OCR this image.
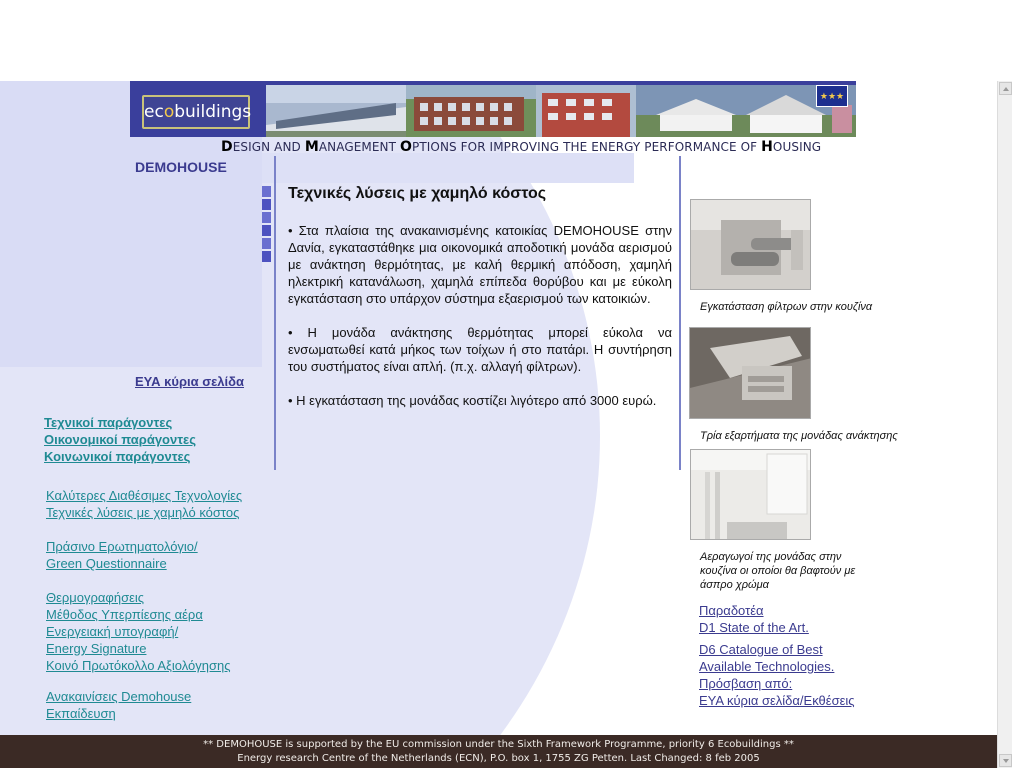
ecobuildings
★★★
DESIGN AND MANAGEMENT OPTIONS FOR IMPROVING THE ENERGY PERFORMANCE OF HOUSING
DEMOHOUSE
ΕΥΑ κύρια σελίδα
Τεχνικοί παράγοντες
Οικονομικοί παράγοντες
Κοινωνικοί παράγοντες
Καλύτερες Διαθέσιμες Τεχνολογίες
Τεχνικές λύσεις με χαμηλό κόστος
Πράσινο Ερωτηματολόγιο/
Green Questionnaire
Θερμογραφήσεις
Μέθοδος Υπερπίεσης αέρα
Ενεργειακή υπογραφή/
Energy Signature
Κοινό Πρωτόκολλο Αξιολόγησης
Ανακαινίσεις Demohouse
Εκπαίδευση
Τεχνικές λύσεις με χαμηλό κόστος

• Στα πλαίσια της ανακαινισμένης κατοικίας DEMOHOUSE στην Δανία, εγκαταστάθηκε μια οικονομικά αποδοτική μονάδα αερισμού με ανάκτηση θερμότητας, με καλή θερμική απόδοση, χαμηλή ηλεκτρική κατανάλωση, χαμηλά επίπεδα θορύβου και με εύκολη εγκατάσταση στο υπάρχον σύστημα εξαερισμού των κατοικιών.

• Η μονάδα ανάκτησης θερμότητας μπορεί εύκολα να ενσωματωθεί κατά μήκος των τοίχων ή στο πατάρι. Η συντήρηση του συστήματος είναι απλή. (π.χ. αλλαγή φίλτρων).

• Η εγκατάσταση της μονάδας κοστίζει λιγότερο από 3000 ευρώ.

Εγκατάσταση φίλτρων στην κουζίνα
Τρία εξαρτήματα της μονάδας ανάκτησης
Αεραγωγοί της μονάδας στην κουζίνα οι οποίοι θα βαφτούν με άσπρο χρώμα
Παραδοτέα
D1 State of the Art.
D6 Catalogue of Best
Available Technologies.
Πρόσβαση από:
ΕΥΑ κύρια σελίδα/Εκθέσεις
** DEMOHOUSE is supported by the EU commission under the Sixth Framework Programme, priority 6 Ecobuildings **
Energy research Centre of the Netherlands (ECN), P.O. box 1, 1755 ZG Petten. Last Changed: 8 feb 2005
